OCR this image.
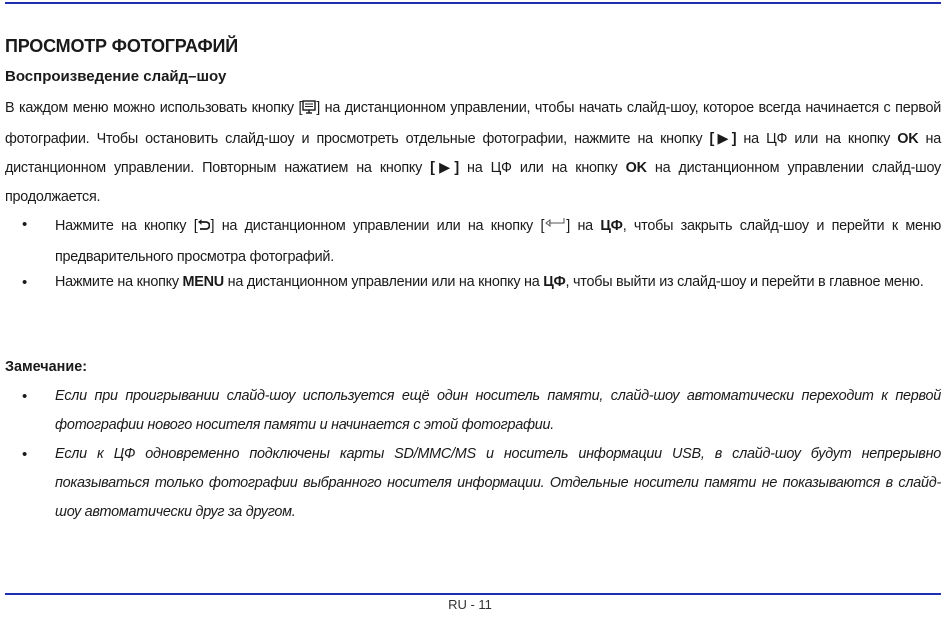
ПРОСМОТР ФОТОГРАФИЙ
Воспроизведение слайд–шоу
В каждом меню можно использовать кнопку [ ] на дистанционном управлении, чтобы начать слайд-шоу, которое всегда начинается с первой фотографии. Чтобы остановить слайд-шоу и просмотреть отдельные фотографии, нажмите на кнопку [▶] на ЦФ или на кнопку OK на дистанционном управлении. Повторным нажатием на кнопку [▶] на ЦФ или на кнопку OK на дистанционном управлении слайд-шоу продолжается.
• Нажмите на кнопку [ ] на дистанционном управлении или на кнопку [ ] на ЦФ, чтобы закрыть слайд-шоу и перейти к меню предварительного просмотра фотографий.
• Нажмите на кнопку MENU на дистанционном управлении или на кнопку на ЦФ, чтобы выйти из слайд-шоу и перейти в главное меню.
Замечание:
• Если при проигрывании слайд-шоу используется ещё один носитель памяти, слайд-шоу автоматически переходит к первой фотографии нового носителя памяти и начинается с этой фотографии.
• Если к ЦФ одновременно подключены карты SD/MMC/MS и носитель информации USB, в слайд-шоу будут непрерывно показываться только фотографии выбранного носителя информации. Отдельные носители памяти не показываются в слайд-шоу автоматически друг за другом.
RU - 11
